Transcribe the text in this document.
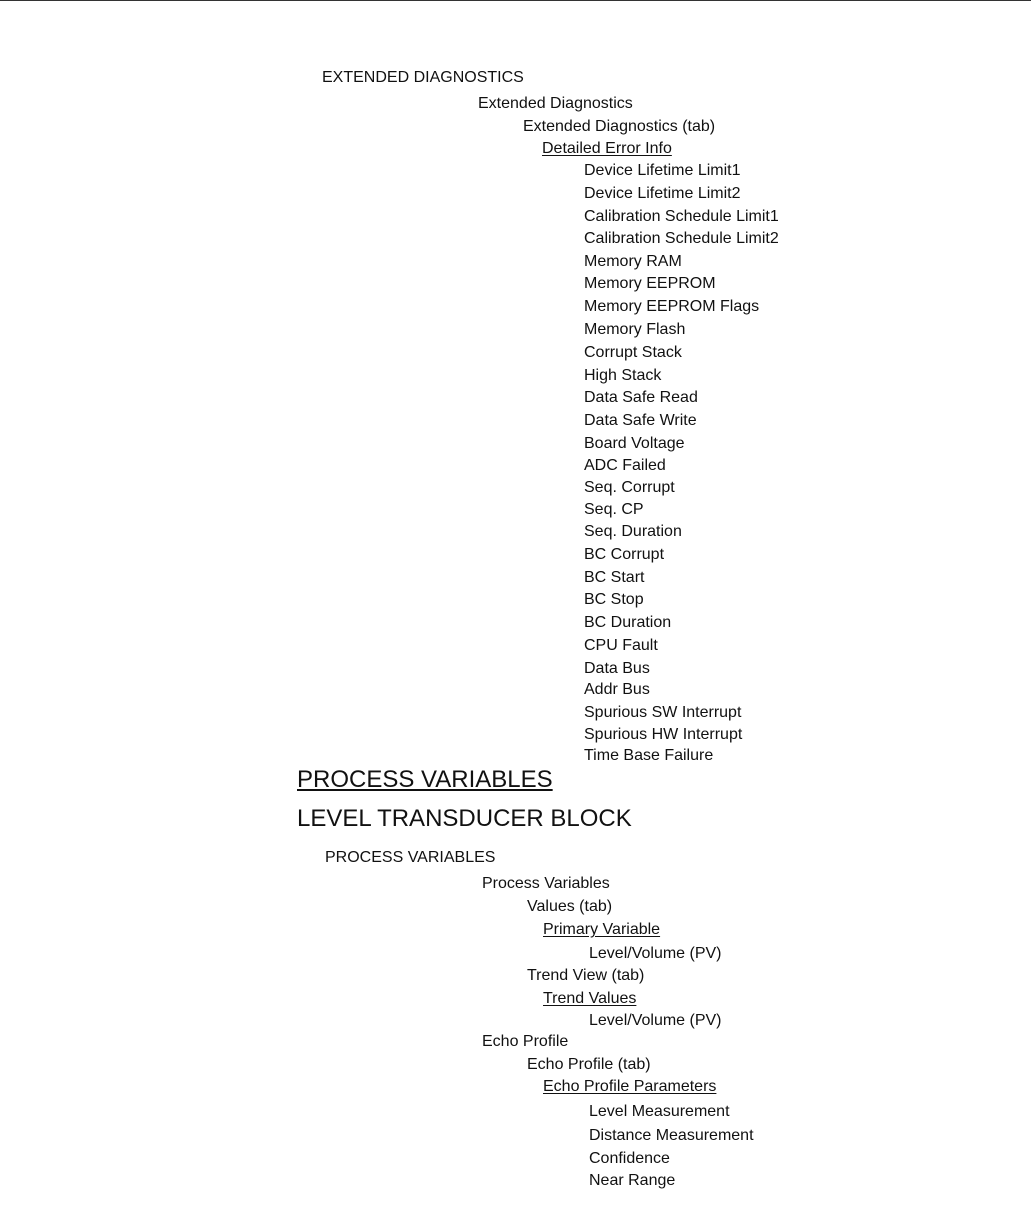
EXTENDED DIAGNOSTICS
Extended Diagnostics
Extended Diagnostics (tab)
Detailed Error Info
Device Lifetime Limit1
Device Lifetime Limit2
Calibration Schedule Limit1
Calibration Schedule Limit2
Memory RAM
Memory EEPROM
Memory EEPROM Flags
Memory Flash
Corrupt Stack
High Stack
Data Safe Read
Data Safe Write
Board Voltage
ADC Failed
Seq. Corrupt
Seq. CP
Seq. Duration
BC Corrupt
BC Start
BC Stop
BC Duration
CPU Fault
Data Bus
Addr Bus
Spurious SW Interrupt
Spurious HW Interrupt
Time Base Failure
PROCESS VARIABLES
LEVEL TRANSDUCER BLOCK
PROCESS VARIABLES
Process Variables
Values (tab)
Primary Variable
Level/Volume (PV)
Trend View (tab)
Trend Values
Level/Volume (PV)
Echo Profile
Echo Profile (tab)
Echo Profile Parameters
Level Measurement
Distance Measurement
Confidence
Near Range
